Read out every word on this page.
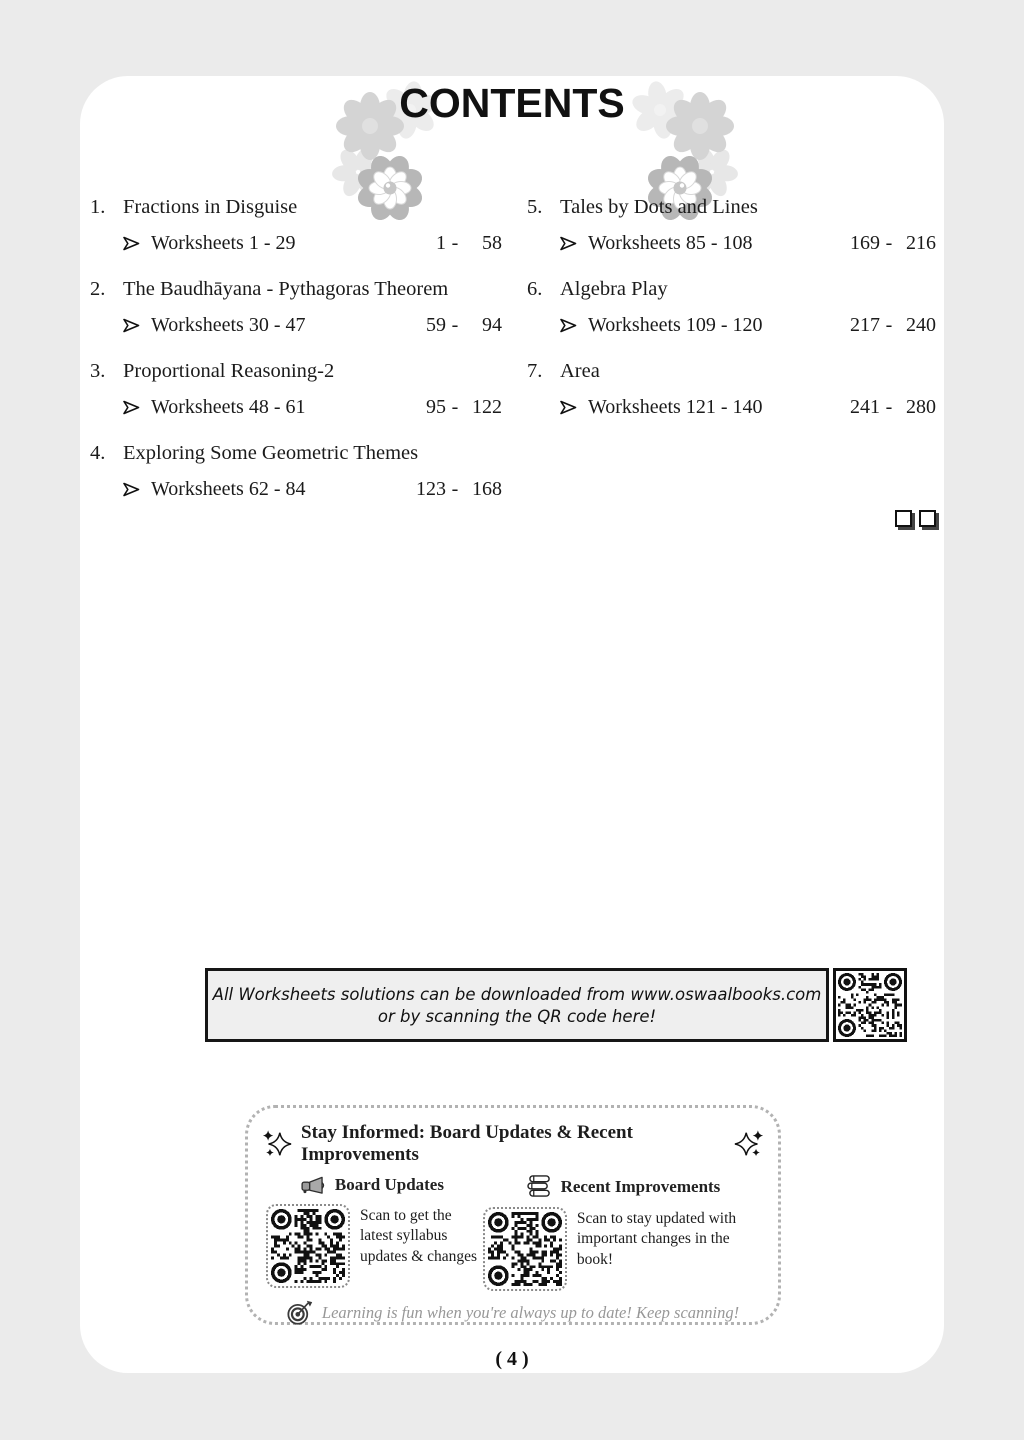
CONTENTS
1. Fractions in Disguise
Worksheets 1 - 29	1 -	58
2. The Baudhāyana - Pythagoras Theorem
Worksheets 30 - 47	59 -	94
3. Proportional Reasoning-2
Worksheets 48 - 61	95 - 122
4. Exploring Some Geometric Themes
Worksheets 62 - 84	123 - 168
5. Tales by Dots and Lines
Worksheets 85 - 108	169 - 216
6. Algebra Play
Worksheets 109 - 120	217 - 240
7. Area
Worksheets 121 - 140	241 - 280
All Worksheets solutions can be downloaded from www.oswaalbooks.com
or by scanning the QR code here!
Stay Informed: Board Updates & Recent Improvements
Board Updates
Scan to get the latest syllabus updates & changes
Recent Improvements
Scan to stay updated with important changes in the book!
Learning is fun when you're always up to date! Keep scanning!
( 4 )
